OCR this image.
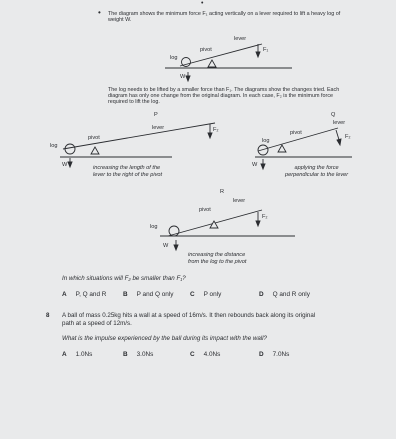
•
• The diagram shows the minimum force F₁ acting vertically on a lever required to lift a heavy log of
weight W.
lever
pivot
log
F₁
W
The log needs to be lifted by a smaller force than F₁. The diagrams show the changes tried. Each
diagram has only one change from the original diagram. In each case, F₂ is the minimum force
required to lift the log.
P
lever
pivot
log
F₂
W	increasing the length of the
lever to the right of the pivot
Q
lever
pivot
log
F₂
W	applying the force
perpendicular to the lever
R
lever
pivot
log
F₂
W
increasing the distance
from the log to the pivot
In which situations will F₂ be smaller than F₁?
A P, Q and R	B P and Q only	C P only	D Q and R only
8 A ball of mass 0.25kg hits a wall at a speed of 16m/s. It then rebounds back along its original
path at a speed of 12m/s.
What is the impulse experienced by the ball during its impact with the wall?
A 1.0Ns	B 3.0Ns	C 4.0Ns	D 7.0Ns
